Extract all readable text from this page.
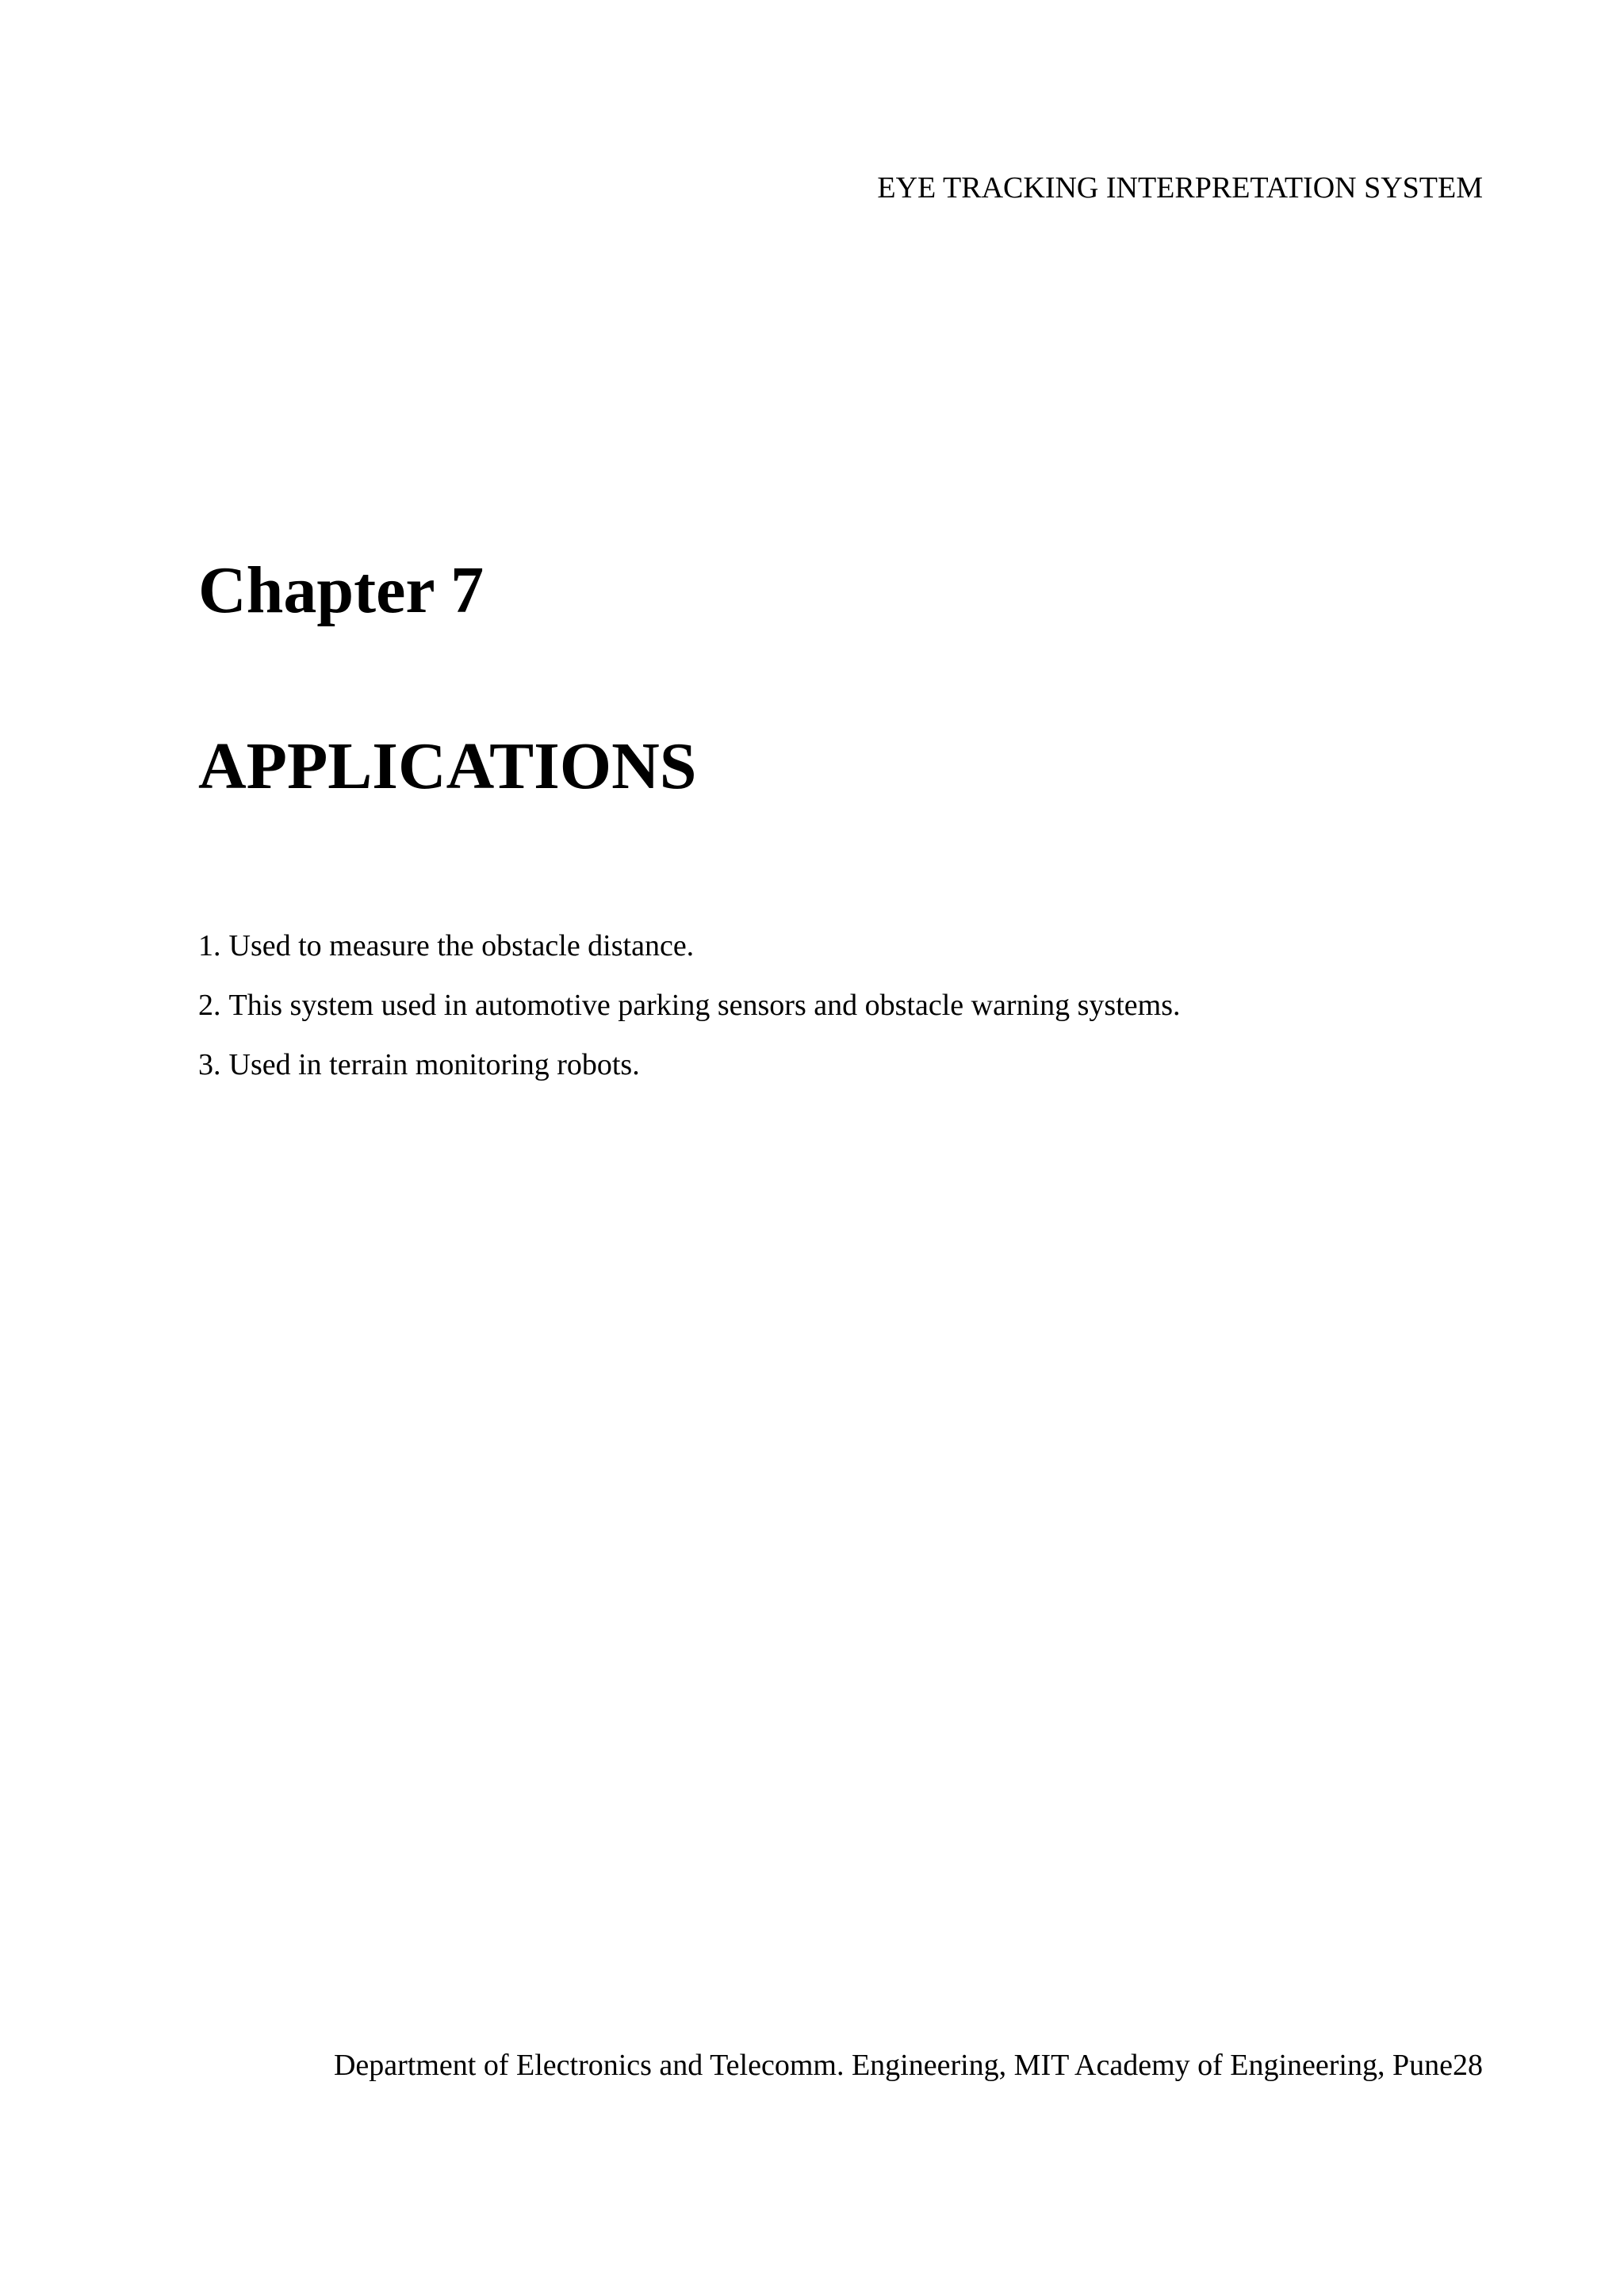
EYE TRACKING INTERPRETATION SYSTEM
Chapter 7
APPLICATIONS
1. Used to measure the obstacle distance.
2. This system used in automotive parking sensors and obstacle warning systems.
3. Used in terrain monitoring robots.
Department of Electronics and Telecomm. Engineering, MIT Academy of Engineering, Pune28
